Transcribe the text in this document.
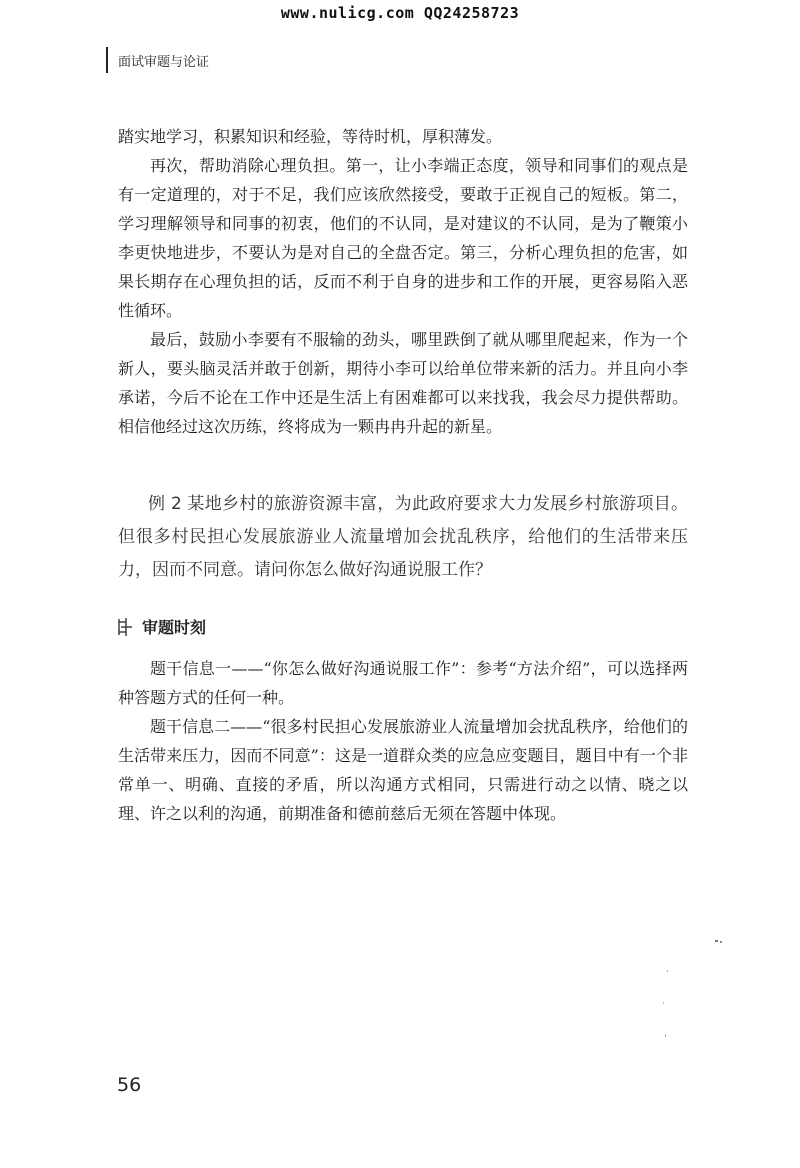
www.nulicg.com QQ24258723
面试审题与论证

踏实地学习，积累知识和经验，等待时机，厚积薄发。

再次，帮助消除心理负担。第一，让小李端正态度，领导和同事们的观点是有一定道理的，对于不足，我们应该欣然接受，要敢于正视自己的短板。第二，学习理解领导和同事的初衷，他们的不认同，是对建议的不认同，是为了鞭策小李更快地进步，不要认为是对自己的全盘否定。第三，分析心理负担的危害，如果长期存在心理负担的话，反而不利于自身的进步和工作的开展，更容易陷入恶性循环。

最后，鼓励小李要有不服输的劲头，哪里跌倒了就从哪里爬起来，作为一个新人，要头脑灵活并敢于创新，期待小李可以给单位带来新的活力。并且向小李承诺，今后不论在工作中还是生活上有困难都可以来找我，我会尽力提供帮助。相信他经过这次历练，终将成为一颗冉冉升起的新星。

例 2 某地乡村的旅游资源丰富，为此政府要求大力发展乡村旅游项目。但很多村民担心发展旅游业人流量增加会扰乱秩序，给他们的生活带来压力，因而不同意。请问你怎么做好沟通说服工作？

审题时刻

题干信息一——“你怎么做好沟通说服工作”：参考“方法介绍”，可以选择两种答题方式的任何一种。

题干信息二——“很多村民担心发展旅游业人流量增加会扰乱秩序，给他们的生活带来压力，因而不同意”：这是一道群众类的应急应变题目，题目中有一个非常单一、明确、直接的矛盾，所以沟通方式相同，只需进行动之以情、晓之以理、许之以利的沟通，前期准备和德前慈后无须在答题中体现。

56
